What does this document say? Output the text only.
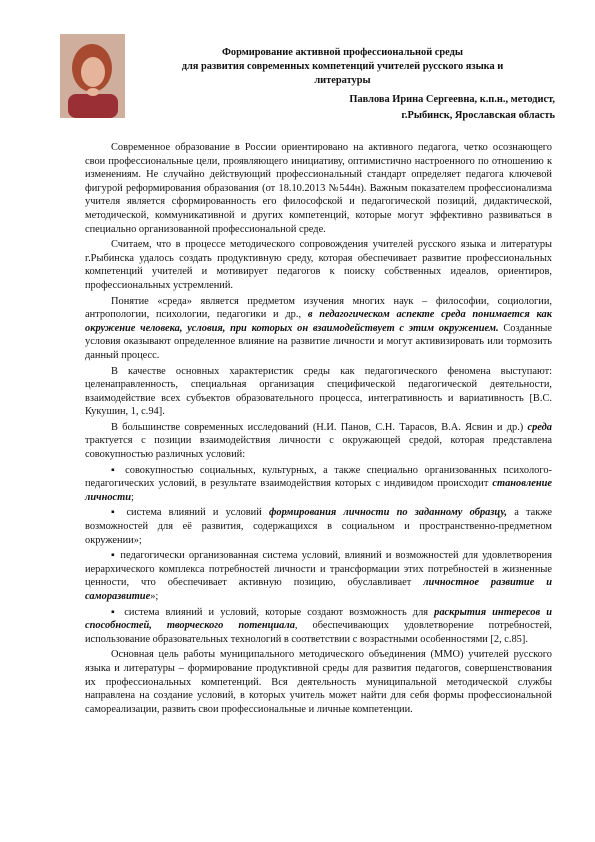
Формирование активной профессиональной среды
для развития современных компетенций учителей русского языка и
литературы
Павлова Ирина Сергеевна, к.п.н., методист,
г.Рыбинск, Ярославская область

Современное образование в России ориентировано на активного педагога, четко осознающего свои профессиональные цели, проявляющего инициативу, оптимистично настроенного по отношению к изменениям. Не случайно действующий профессиональный стандарт определяет педагога ключевой фигурой реформирования образования (от 18.10.2013 №544н). Важным показателем профессионализма учителя является сформированность его философской и педагогической позиций, дидактической, методической, коммуникативной и других компетенций, которые могут эффективно развиваться в специально организованной профессиональной среде.

Считаем, что в процессе методического сопровождения учителей русского языка и литературы г.Рыбинска удалось создать продуктивную среду, которая обеспечивает развитие профессиональных компетенций учителей и мотивирует педагогов к поиску собственных идеалов, ориентиров, профессиональных устремлений.

Понятие «среда» является предметом изучения многих наук – философии, социологии, антропологии, психологии, педагогики и др., в педагогическом аспекте среда понимается как окружение человека, условия, при которых он взаимодействует с этим окружением. Созданные условия оказывают определенное влияние на развитие личности и могут активизировать или тормозить данный процесс.

В качестве основных характеристик среды как педагогического феномена выступают: целенаправленность, специальная организация специфической педагогической деятельности, взаимодействие всех субъектов образовательного процесса, интегративность и вариативность [В.С. Кукушин, 1, с.94].

В большинстве современных исследований (Н.И. Панов, С.Н. Тарасов, В.А. Ясвин и др.) среда трактуется с позиции взаимодействия личности с окружающей средой, которая представлена совокупностью различных условий:

▪ совокупностью социальных, культурных, а также специально организованных психолого-педагогических условий, в результате взаимодействия которых с индивидом происходит становление личности;

▪ система влияний и условий формирования личности по заданному образцу, а также возможностей для её развития, содержащихся в социальном и пространственно-предметном окружении»;

▪ педагогически организованная система условий, влияний и возможностей для удовлетворения иерархического комплекса потребностей личности и трансформации этих потребностей в жизненные ценности, что обеспечивает активную позицию, обуславливает личностное развитие и саморазвитие»;

▪ система влияний и условий, которые создают возможность для раскрытия интересов и способностей, творческого потенциала, обеспечивающих удовлетворение потребностей, использование образовательных технологий в соответствии с возрастными особенностями [2, с.85].

Основная цель работы муниципального методического объединения (ММО) учителей русского языка и литературы – формирование продуктивной среды для развития педагогов, совершенствования их профессиональных компетенций. Вся деятельность муниципальной методической службы направлена на создание условий, в которых учитель может найти для себя формы профессиональной самореализации, развить свои профессиональные и личные компетенции.
